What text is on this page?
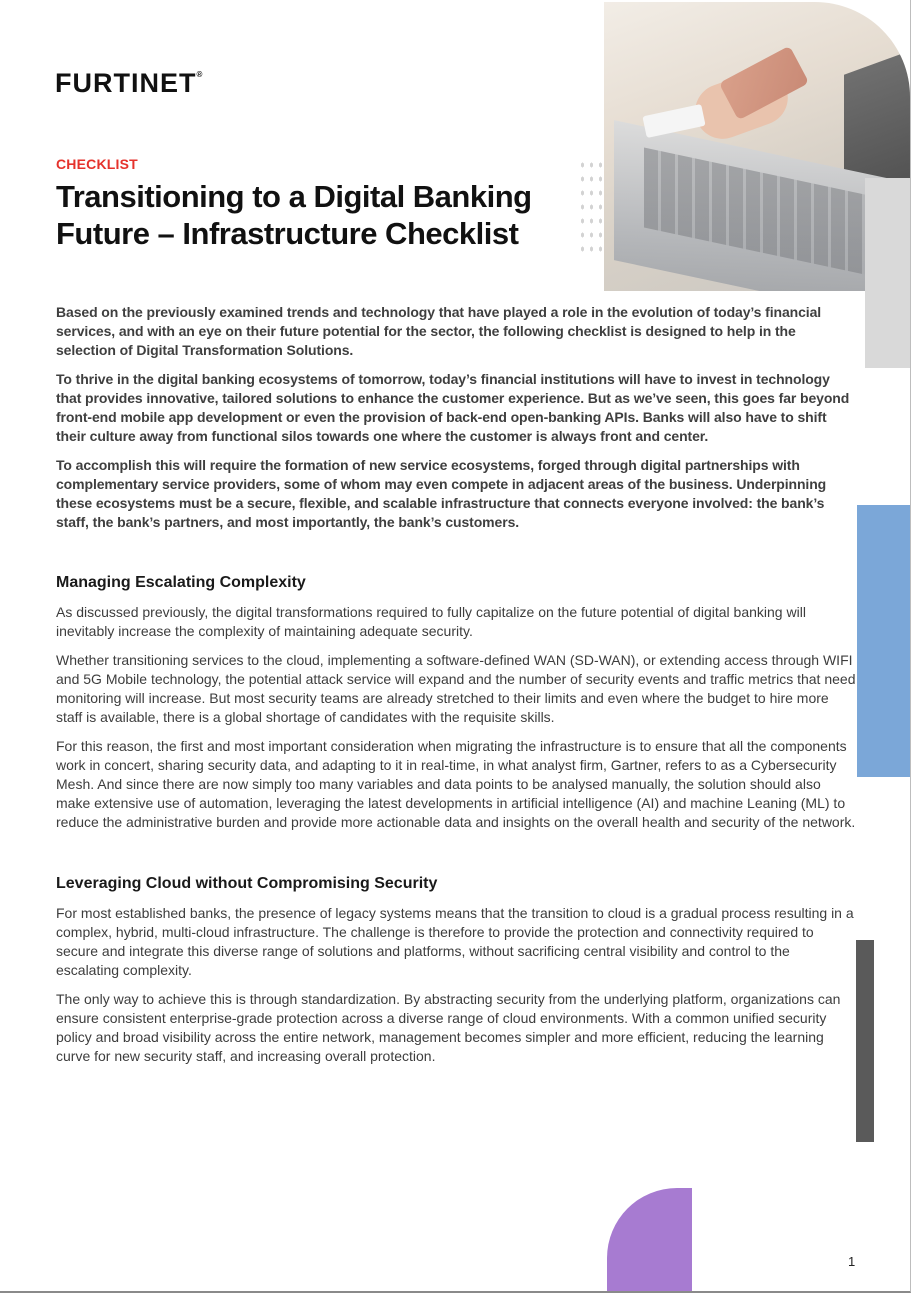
FURTINET®
CHECKLIST
Transitioning to a Digital Banking Future – Infrastructure Checklist

Based on the previously examined trends and technology that have played a role in the evolution of today’s financial services, and with an eye on their future potential for the sector, the following checklist is designed to help in the selection of Digital Transformation Solutions.

To thrive in the digital banking ecosystems of tomorrow, today’s financial institutions will have to invest in technology that provides innovative, tailored solutions to enhance the customer experience. But as we’ve seen, this goes far beyond front-end mobile app development or even the provision of back-end open-banking APIs. Banks will also have to shift their culture away from functional silos towards one where the customer is always front and center.

To accomplish this will require the formation of new service ecosystems, forged through digital partnerships with complementary service providers, some of whom may even compete in adjacent areas of the business. Underpinning these ecosystems must be a secure, flexible, and scalable infrastructure that connects everyone involved: the bank’s staff, the bank’s partners, and most importantly, the bank’s customers.

Managing Escalating Complexity

As discussed previously, the digital transformations required to fully capitalize on the future potential of digital banking will inevitably increase the complexity of maintaining adequate security.

Whether transitioning services to the cloud, implementing a software-defined WAN (SD-WAN), or extending access through WIFI and 5G Mobile technology, the potential attack service will expand and the number of security events and traffic metrics that need monitoring will increase. But most security teams are already stretched to their limits and even where the budget to hire more staff is available, there is a global shortage of candidates with the requisite skills.

For this reason, the first and most important consideration when migrating the infrastructure is to ensure that all the components work in concert, sharing security data, and adapting to it in real-time, in what analyst firm, Gartner, refers to as a Cybersecurity Mesh. And since there are now simply too many variables and data points to be analysed manually, the solution should also make extensive use of automation, leveraging the latest developments in artificial intelligence (AI) and machine Leaning (ML) to reduce the administrative burden and provide more actionable data and insights on the overall health and security of the network.

Leveraging Cloud without Compromising Security

For most established banks, the presence of legacy systems means that the transition to cloud is a gradual process resulting in a complex, hybrid, multi-cloud infrastructure. The challenge is therefore to provide the protection and connectivity required to secure and integrate this diverse range of solutions and platforms, without sacrificing central visibility and control to the escalating complexity.

The only way to achieve this is through standardization. By abstracting security from the underlying platform, organizations can ensure consistent enterprise-grade protection across a diverse range of cloud environments. With a common unified security policy and broad visibility across the entire network, management becomes simpler and more efficient, reducing the learning curve for new security staff, and increasing overall protection.

1
